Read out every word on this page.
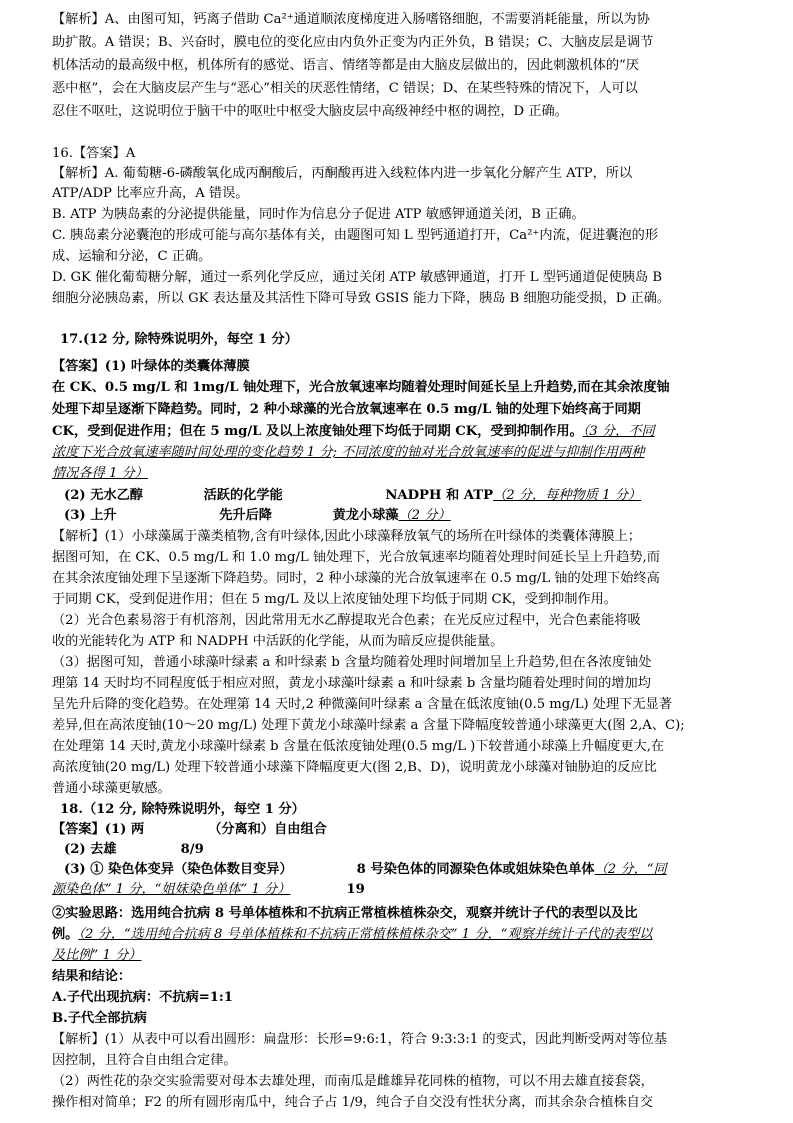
【解析】A、由图可知，钙离子借助 Ca²⁺通道顺浓度梯度进入肠嗜铬细胞，不需要消耗能量，所以为协
助扩散。A 错误；B、兴奋时，膜电位的变化应由内负外正变为内正外负，B 错误；C、大脑皮层是调节
机体活动的最高级中枢，机体所有的感觉、语言、情绪等都是由大脑皮层做出的，因此刺激机体的“厌
恶中枢”，会在大脑皮层产生与“恶心”相关的厌恶性情绪，C 错误；D、在某些特殊的情况下，人可以
忍住不呕吐，这说明位于脑干中的呕吐中枢受大脑皮层中高级神经中枢的调控，D 正确。
16.【答案】A
【解析】A. 葡萄糖-6-磷酸氧化成丙酮酸后，丙酮酸再进入线粒体内进一步氧化分解产生 ATP，所以
ATP/ADP 比率应升高，A 错误。
B. ATP 为胰岛素的分泌提供能量，同时作为信息分子促进 ATP 敏感钾通道关闭，B 正确。
C. 胰岛素分泌囊泡的形成可能与高尔基体有关，由题图可知 L 型钙通道打开，Ca²⁺内流，促进囊泡的形
成、运输和分泌，C 正确。
D. GK 催化葡萄糖分解，通过一系列化学反应，通过关闭 ATP 敏感钾通道，打开 L 型钙通道促使胰岛 B
细胞分泌胰岛素，所以 GK 表达量及其活性下降可导致 GSIS 能力下降，胰岛 B 细胞功能受损，D 正确。
17.(12 分, 除特殊说明外，每空 1 分）
【答案】(1) 叶绿体的类囊体薄膜
在 CK、0.5 mg/L 和 1mg/L 铀处理下，光合放氧速率均随着处理时间延长呈上升趋势,而在其余浓度铀
处理下却呈逐渐下降趋势。同时，2 种小球藻的光合放氧速率在 0.5 mg/L 铀的处理下始终高于同期
CK，受到促进作用；但在 5 mg/L 及以上浓度铀处理下均低于同期 CK，受到抑制作用。（3 分，不同
浓度下光合放氧速率随时间处理的变化趋势 1 分; 不同浓度的铀对光合放氧速率的促进与抑制作用两种
情况各得 1 分）
(2) 无水乙醇	活跃的化学能	NADPH 和 ATP（2 分，每种物质 1 分）
(3) 上升	先升后降	黄龙小球藻（2 分）
【解析】(1）小球藻属于藻类植物,含有叶绿体,因此小球藻释放氧气的场所在叶绿体的类囊体薄膜上；
据图可知，在 CK、0.5 mg/L 和 1.0 mg/L 铀处理下，光合放氧速率均随着处理时间延长呈上升趋势,而
在其余浓度铀处理下呈逐渐下降趋势。同时，2 种小球藻的光合放氧速率在 0.5 mg/L 铀的处理下始终高
于同期 CK，受到促进作用；但在 5 mg/L 及以上浓度铀处理下均低于同期 CK，受到抑制作用。
（2）光合色素易溶于有机溶剂，因此常用无水乙醇提取光合色素；在光反应过程中，光合色素能将吸
收的光能转化为 ATP 和 NADPH 中活跃的化学能，从而为暗反应提供能量。
（3）据图可知，普通小球藻叶绿素 a 和叶绿素 b 含量均随着处理时间增加呈上升趋势,但在各浓度铀处
理第 14 天时均不同程度低于相应对照，黄龙小球藻叶绿素 a 和叶绿素 b 含量均随着处理时间的增加均
呈先升后降的变化趋势。在处理第 14 天时,2 种微藻间叶绿素 a 含量在低浓度铀(0.5 mg/L) 处理下无显著
差异,但在高浓度铀(10～20 mg/L) 处理下黄龙小球藻叶绿素 a 含量下降幅度较普通小球藻更大(图 2,A、C);
在处理第 14 天时,黄龙小球藻叶绿素 b 含量在低浓度铀处理(0.5 mg/L )下较普通小球藻上升幅度更大,在
高浓度铀(20 mg/L) 处理下较普通小球藻下降幅度更大(图 2,B、D)，说明黄龙小球藻对铀胁迫的反应比
普通小球藻更敏感。
18.（12 分, 除特殊说明外，每空 1 分）
【答案】(1) 两	（分离和）自由组合
(2) 去雄	8/9
(3) ① 染色体变异（染色体数目变异）	8 号染色体的同源染色体或姐妹染色单体（2 分，“同
源染色体” 1 分，“姐妹染色单体” 1 分）	19
②实验思路：选用纯合抗病 8 号单体植株和不抗病正常植株植株杂交，观察并统计子代的表型以及比
例。（2 分，“选用纯合抗病 8 号单体植株和不抗病正常植株植株杂交” 1 分，“观察并统计子代的表型以
及比例” 1 分）
结果和结论：
A.子代出现抗病：不抗病=1:1
B.子代全部抗病
【解析】(1）从表中可以看出圆形：扁盘形：长形=9:6:1，符合 9:3:3:1 的变式，因此判断受两对等位基
因控制，且符合自由组合定律。
（2）两性花的杂交实验需要对母本去雄处理，而南瓜是雌雄异花同株的植物，可以不用去雄直接套袋，
操作相对简单；F2 的所有圆形南瓜中，纯合子占 1/9，纯合子自交没有性状分离，而其余杂合植株自交
